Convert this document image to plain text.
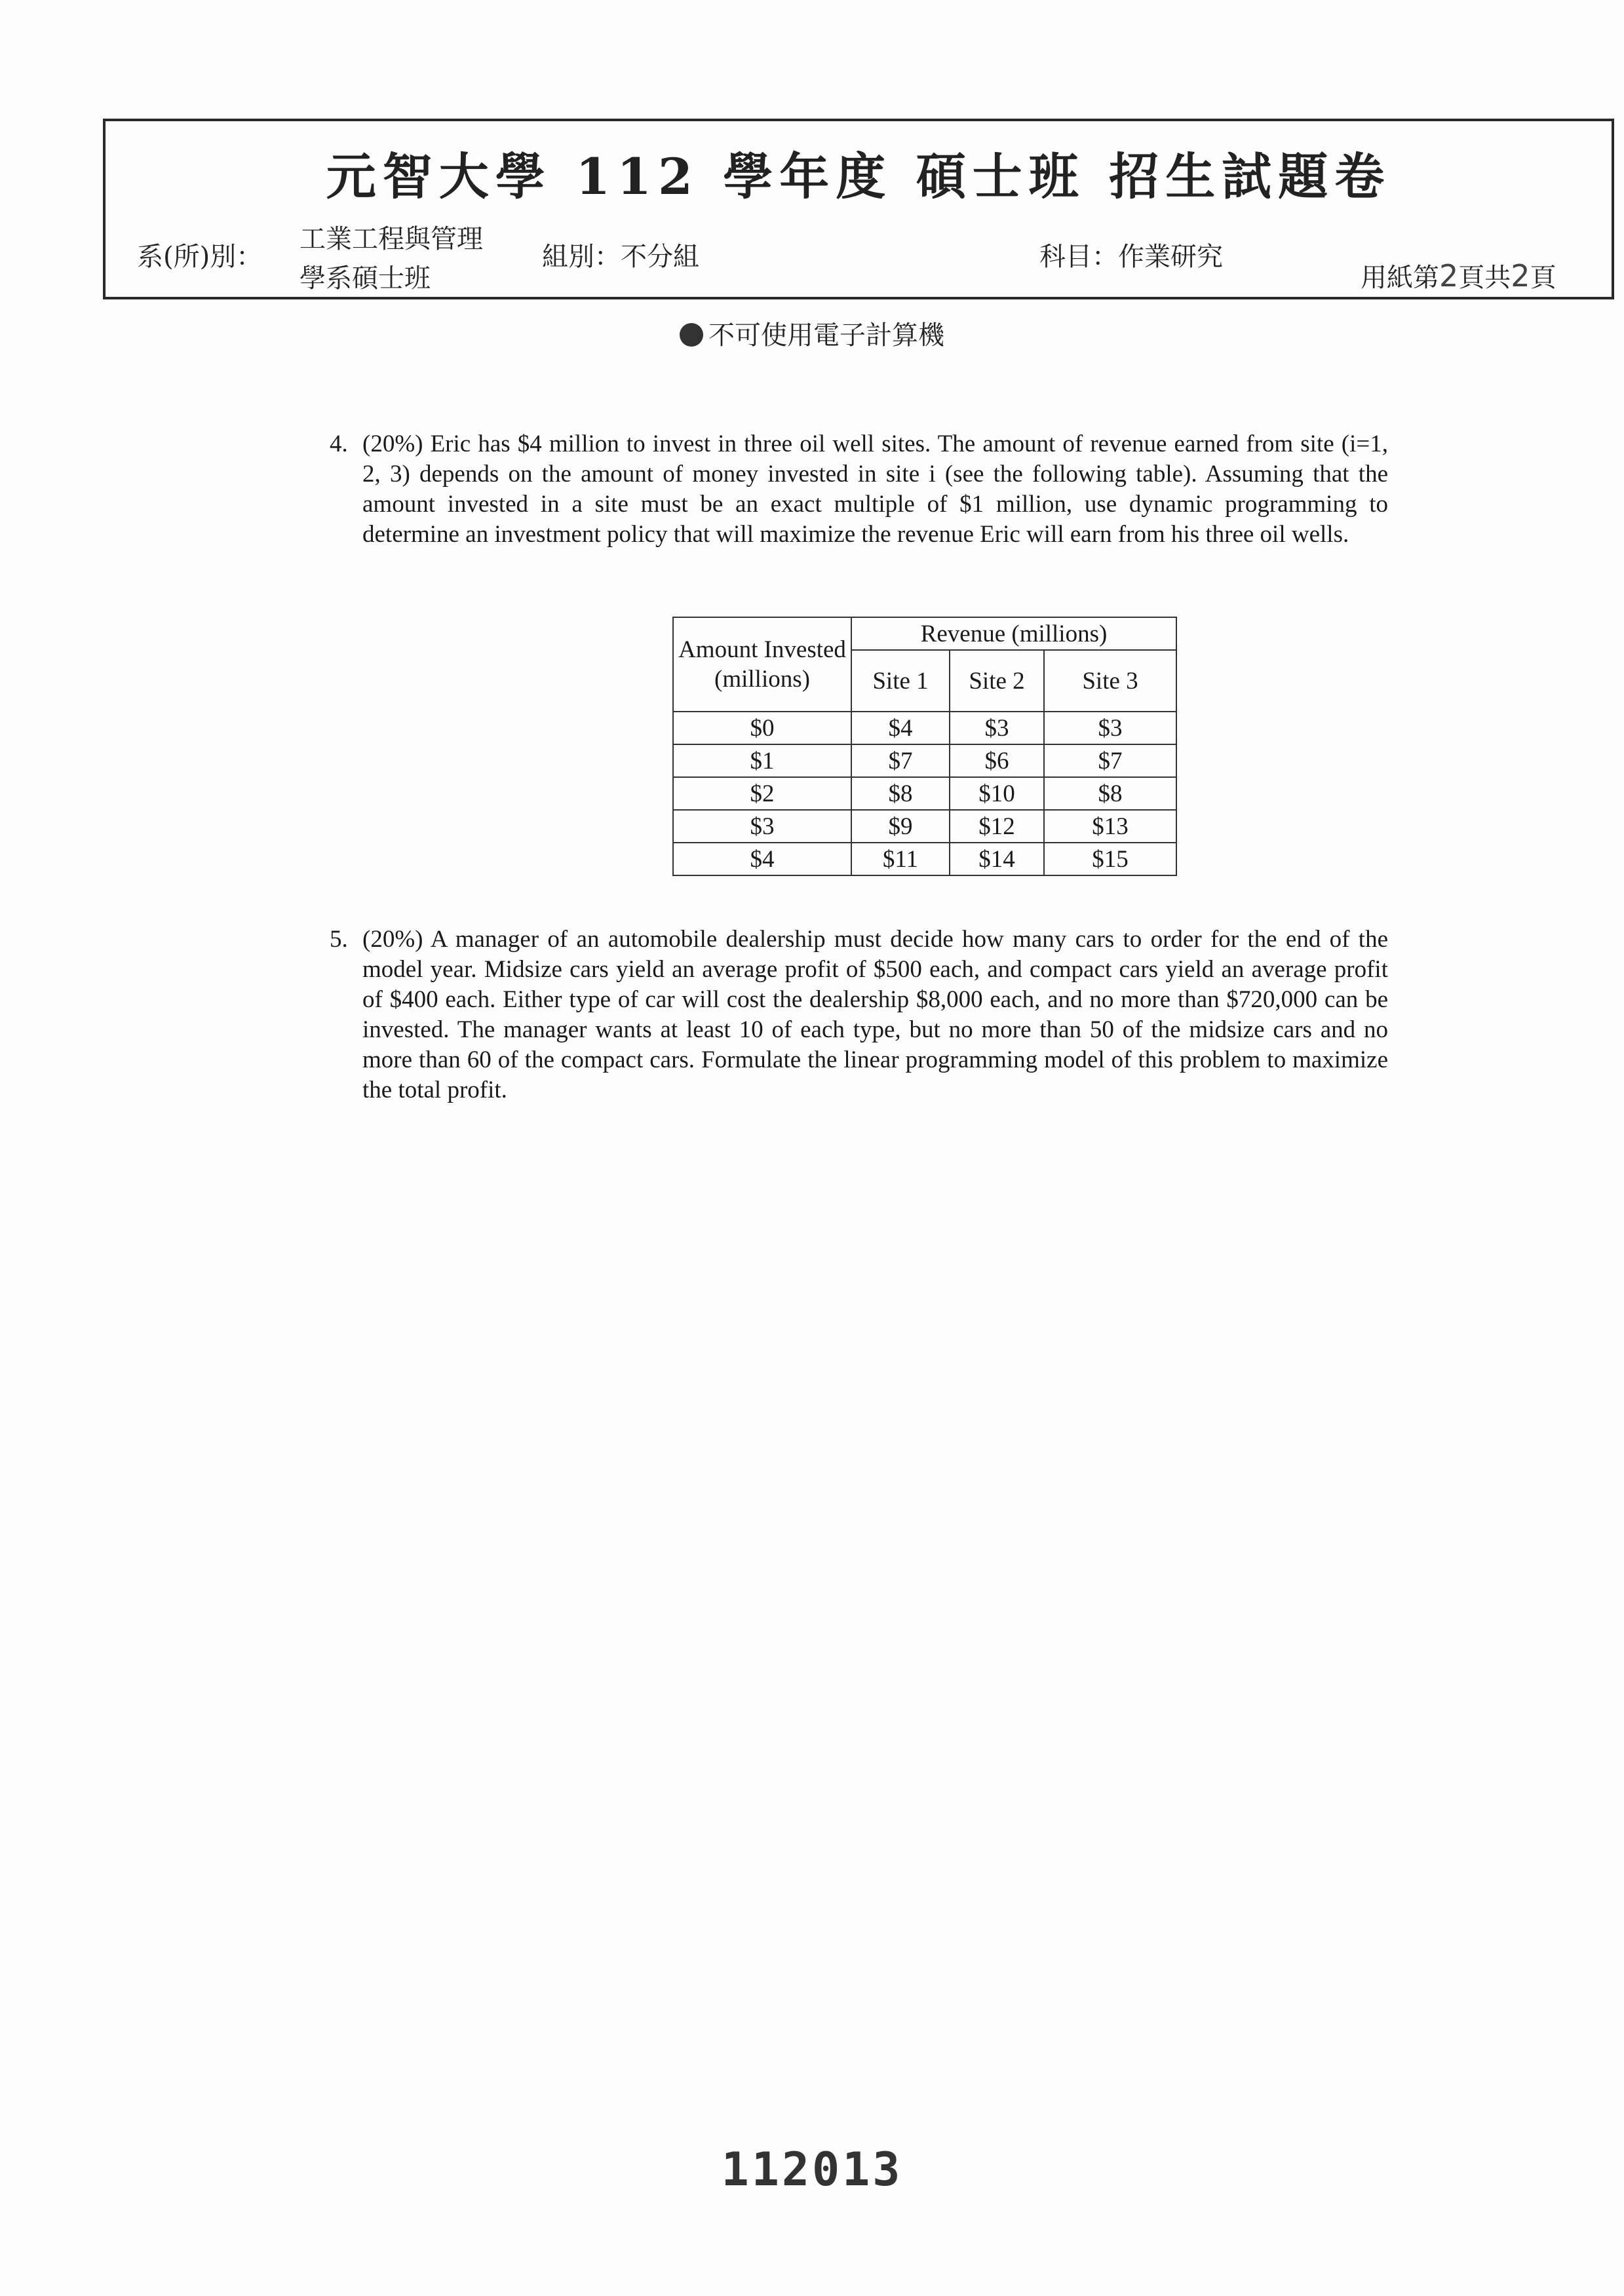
元智大學 112 學年度 碩士班 招生試題卷
系(所)別：
工業工程與管理
學系碩士班
組別：不分組	科目：作業研究
用紙第2頁共2頁
不可使用電子計算機
4. (20%) Eric has $4 million to invest in three oil well sites. The amount of revenue earned from site (i=1, 2, 3) depends on the amount of money invested in site i (see the following table). Assuming that the amount invested in a site must be an exact multiple of $1 million, use dynamic programming to determine an investment policy that will maximize the revenue Eric will earn from his three oil wells.
Amount Invested (millions)	Revenue (millions)		
	Site 1	Site 2	Site 3
$0	$4	$3	$3
$1	$7	$6	$7
$2	$8	$10	$8
$3	$9	$12	$13
$4	$11	$14	$15
5. (20%) A manager of an automobile dealership must decide how many cars to order for the end of the model year. Midsize cars yield an average profit of $500 each, and compact cars yield an average profit of $400 each. Either type of car will cost the dealership $8,000 each, and no more than $720,000 can be invested. The manager wants at least 10 of each type, but no more than 50 of the midsize cars and no more than 60 of the compact cars. Formulate the linear programming model of this problem to maximize the total profit.
112013
